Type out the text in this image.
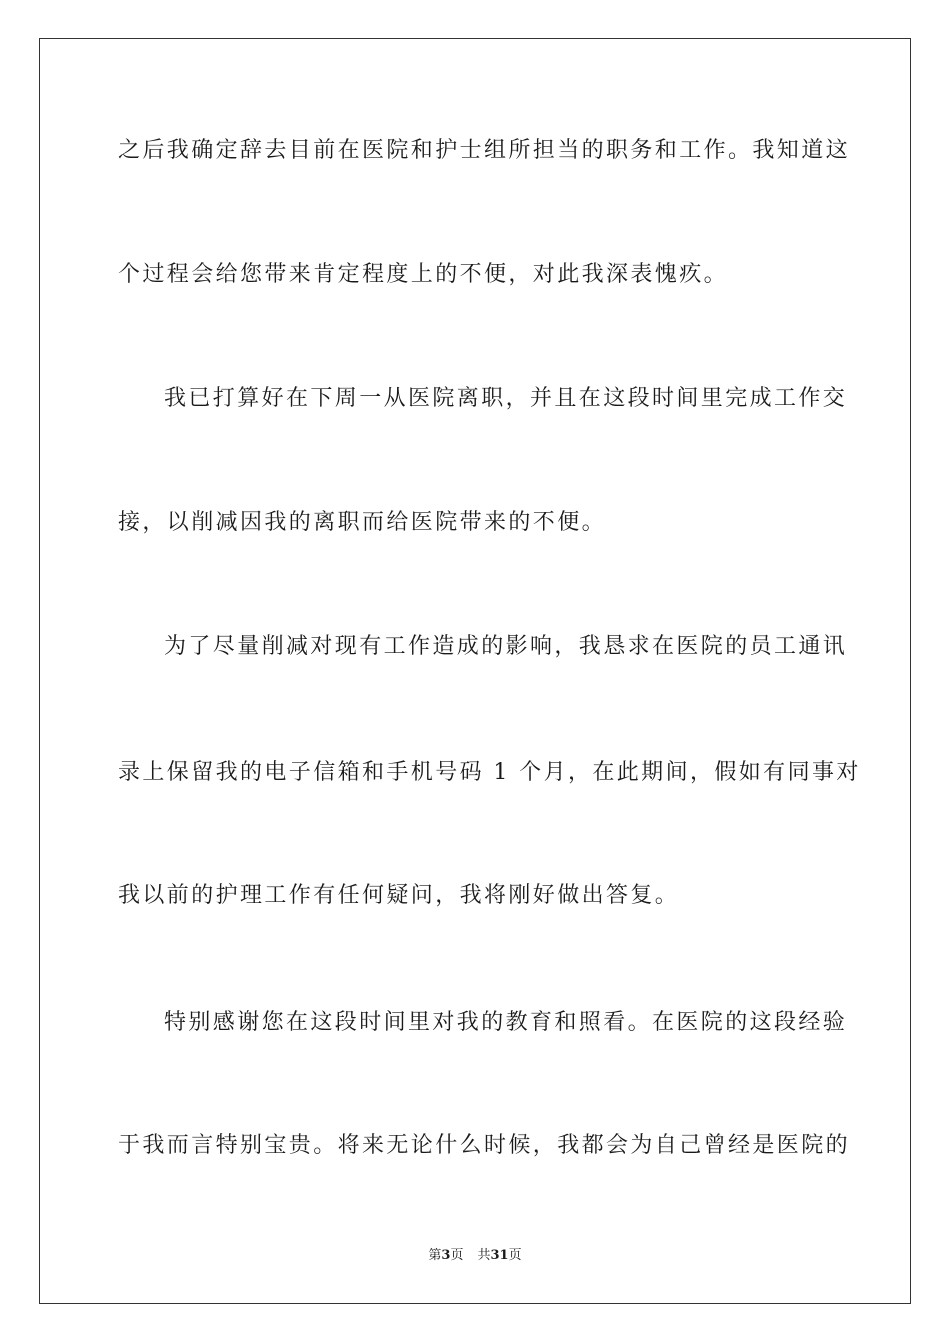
之后我确定辞去目前在医院和护士组所担当的职务和工作。我知道这
个过程会给您带来肯定程度上的不便，对此我深表愧疚。
我已打算好在下周一从医院离职，并且在这段时间里完成工作交
接，以削减因我的离职而给医院带来的不便。
为了尽量削减对现有工作造成的影响，我恳求在医院的员工通讯
录上保留我的电子信箱和手机号码 1 个月，在此期间，假如有同事对
我以前的护理工作有任何疑问，我将刚好做出答复。
特别感谢您在这段时间里对我的教育和照看。在医院的这段经验
于我而言特别宝贵。将来无论什么时候，我都会为自己曾经是医院的
第3页 共31页
